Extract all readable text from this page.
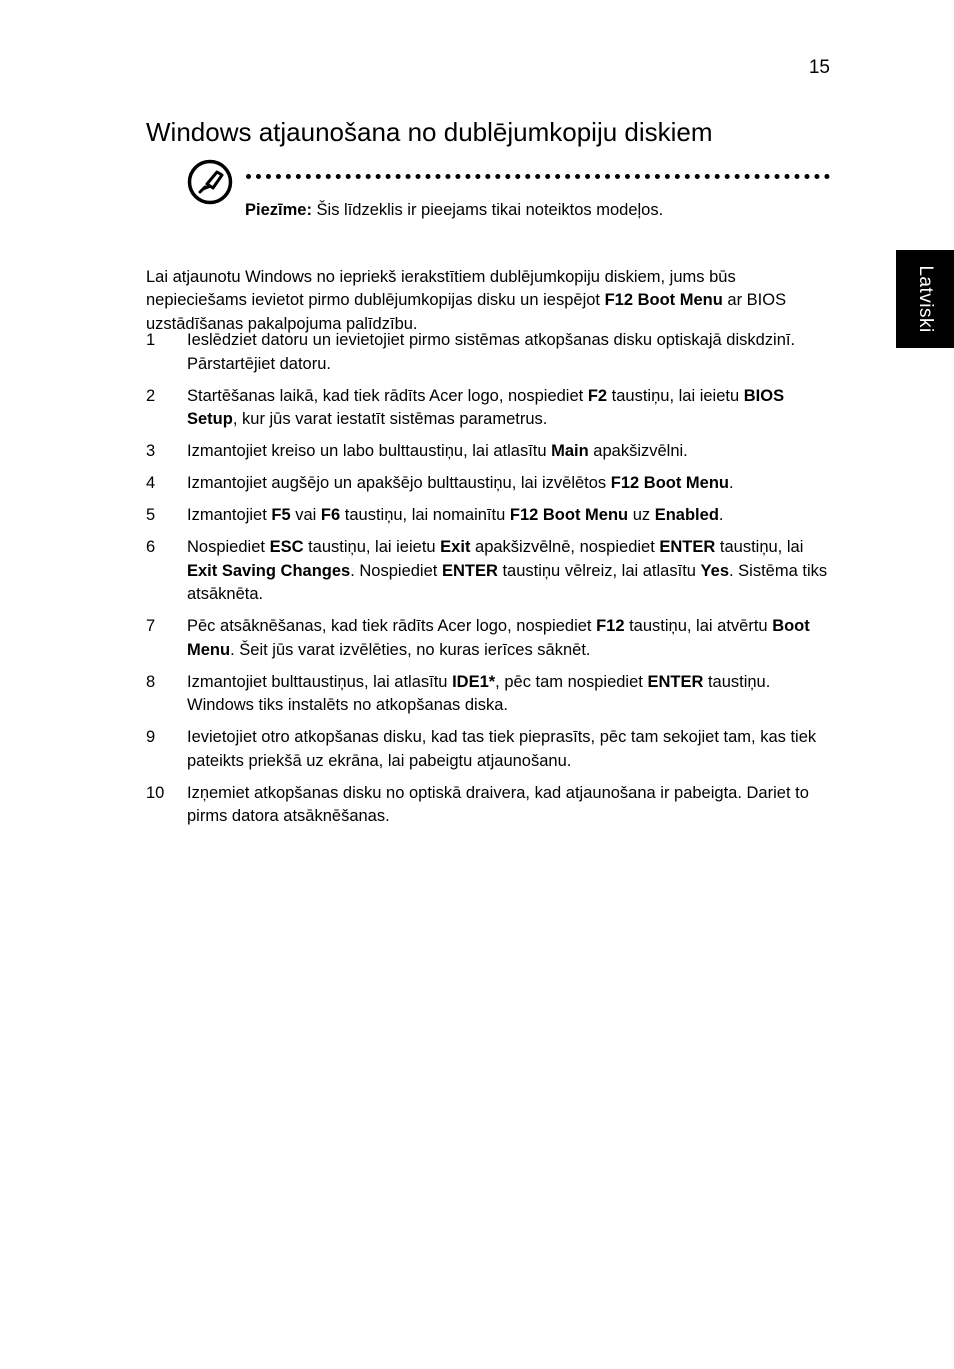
15
Windows atjaunošana no dublējumkopiju diskiem
Latviski
Piezīme: Šis līdzeklis ir pieejams tikai noteiktos modeļos.

Lai atjaunotu Windows no iepriekš ierakstītiem dublējumkopiju diskiem, jums būs nepieciešams ievietot pirmo dublējumkopijas disku un iespējot F12 Boot Menu ar BIOS uzstādīšanas pakalpojuma palīdzību.

1	Ieslēdziet datoru un ievietojiet pirmo sistēmas atkopšanas disku optiskajā diskdzinī. Pārstartējiet datoru.
2	Startēšanas laikā, kad tiek rādīts Acer logo, nospiediet F2 taustiņu, lai ieietu BIOS Setup, kur jūs varat iestatīt sistēmas parametrus.
3	Izmantojiet kreiso un labo bulttaustiņu, lai atlasītu Main apakšizvēlni.
4	Izmantojiet augšējo un apakšējo bulttaustiņu, lai izvēlētos F12 Boot Menu.
5	Izmantojiet F5 vai F6 taustiņu, lai nomainītu F12 Boot Menu uz Enabled.
6	Nospiediet ESC taustiņu, lai ieietu Exit apakšizvēlnē, nospiediet ENTER taustiņu, lai Exit Saving Changes. Nospiediet ENTER taustiņu vēlreiz, lai atlasītu Yes. Sistēma tiks atsāknēta.
7	Pēc atsāknēšanas, kad tiek rādīts Acer logo, nospiediet F12 taustiņu, lai atvērtu Boot Menu. Šeit jūs varat izvēlēties, no kuras ierīces sāknēt.
8	Izmantojiet bulttaustiņus, lai atlasītu IDE1*, pēc tam nospiediet ENTER taustiņu. Windows tiks instalēts no atkopšanas diska.
9	Ievietojiet otro atkopšanas disku, kad tas tiek pieprasīts, pēc tam sekojiet tam, kas tiek pateikts priekšā uz ekrāna, lai pabeigtu atjaunošanu.
10	Izņemiet atkopšanas disku no optiskā draivera, kad atjaunošana ir pabeigta. Dariet to pirms datora atsāknēšanas.
